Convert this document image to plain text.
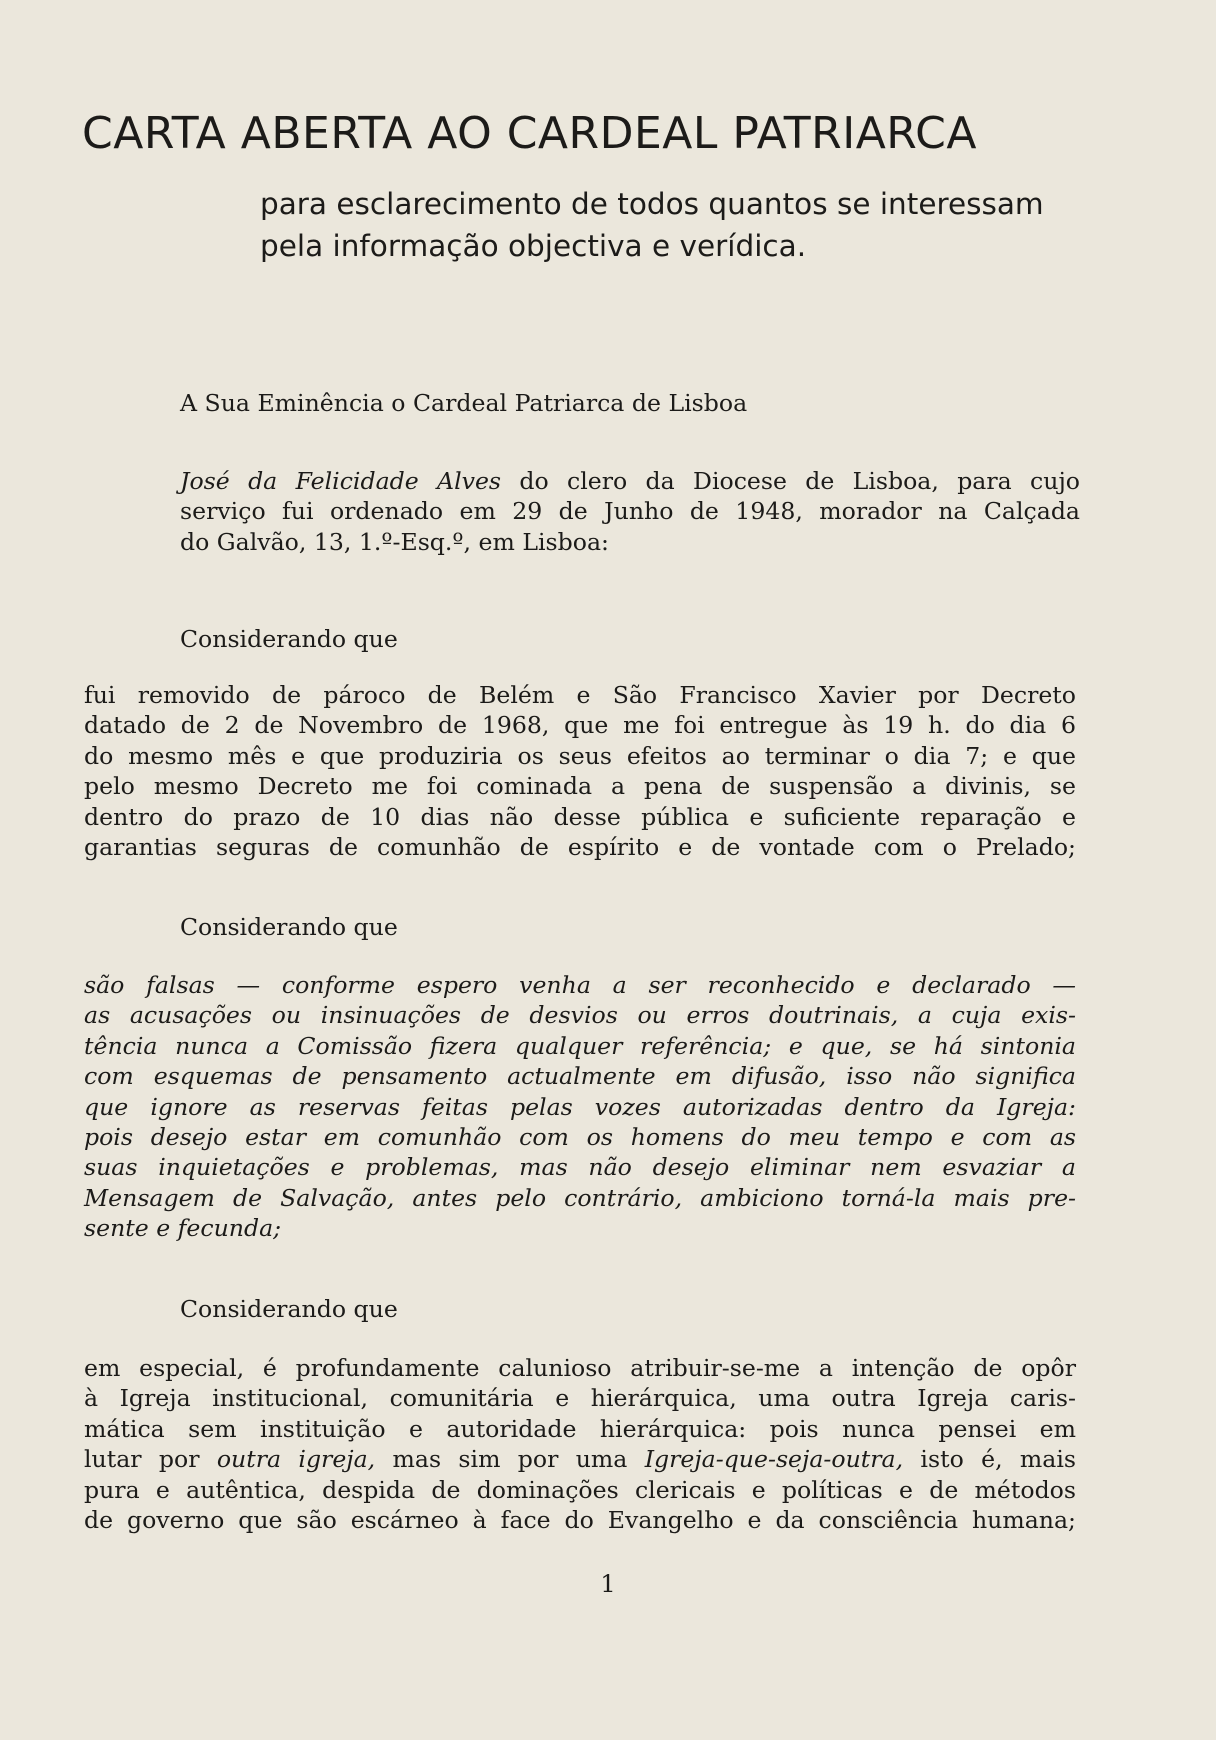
CARTA ABERTA AO CARDEAL PATRIARCA
para esclarecimento de todos quantos se interessam
pela informação objectiva e verídica.

A Sua Eminência o Cardeal Patriarca de Lisboa

José da Felicidade Alves do clero da Diocese de Lisboa, para cujo
serviço fui ordenado em 29 de Junho de 1948, morador na Calçada
do Galvão, 13, 1.º-Esq.º, em Lisboa:

Considerando que

fui removido de pároco de Belém e São Francisco Xavier por Decreto
datado de 2 de Novembro de 1968, que me foi entregue às 19 h. do dia 6
do mesmo mês e que produziria os seus efeitos ao terminar o dia 7; e que
pelo mesmo Decreto me foi cominada a pena de suspensão a divinis, se
dentro do prazo de 10 dias não desse pública e suficiente reparação e
garantias seguras de comunhão de espírito e de vontade com o Prelado;

Considerando que

são falsas — conforme espero venha a ser reconhecido e declarado —
as acusações ou insinuações de desvios ou erros doutrinais, a cuja exis-
tência nunca a Comissão fizera qualquer referência; e que, se há sintonia
com esquemas de pensamento actualmente em difusão, isso não significa
que ignore as reservas feitas pelas vozes autorizadas dentro da Igreja:
pois desejo estar em comunhão com os homens do meu tempo e com as
suas inquietações e problemas, mas não desejo eliminar nem esvaziar a
Mensagem de Salvação, antes pelo contrário, ambiciono torná-la mais pre-
sente e fecunda;

Considerando que

em especial, é profundamente calunioso atribuir-se-me a intenção de opôr
à Igreja institucional, comunitária e hierárquica, uma outra Igreja caris-
mática sem instituição e autoridade hierárquica: pois nunca pensei em
lutar por outra igreja, mas sim por uma Igreja-que-seja-outra, isto é, mais
pura e autêntica, despida de dominações clericais e políticas e de métodos
de governo que são escárneo à face do Evangelho e da consciência humana;

1
